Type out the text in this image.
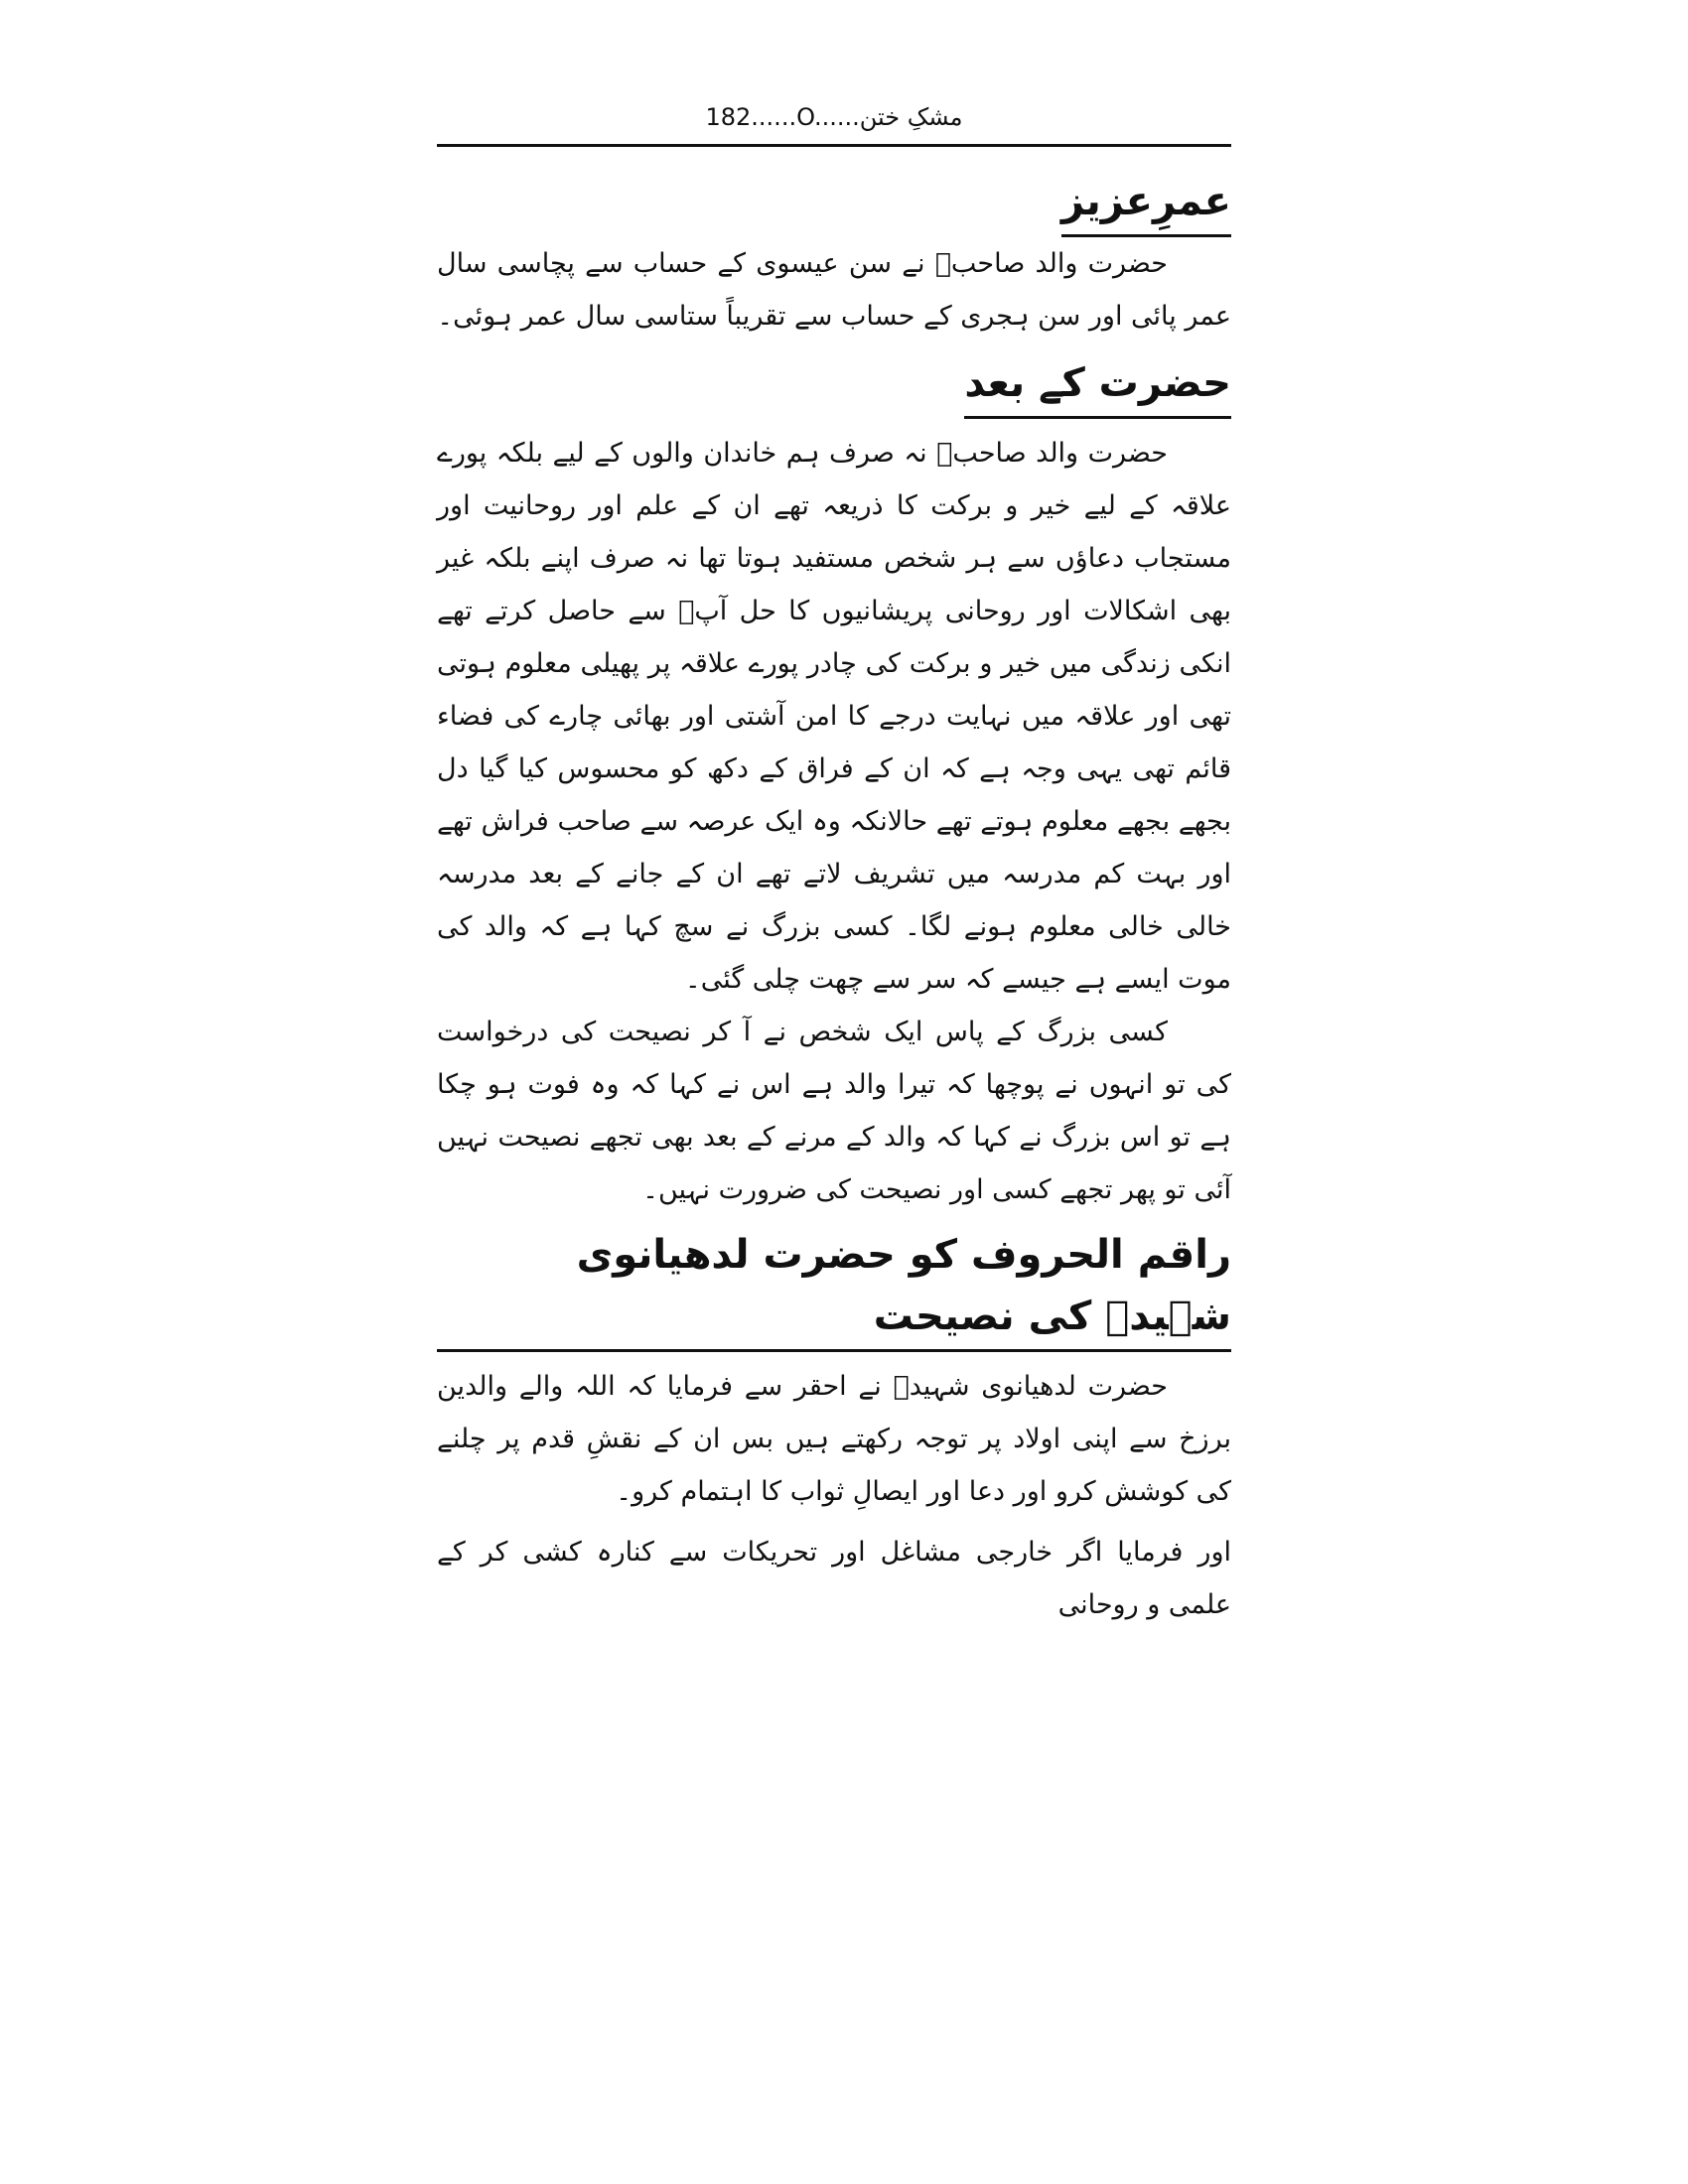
182......O......مشکِ ختن
عمرِعزیز

حضرت والد صاحبؒ نے سن عیسوی کے حساب سے پچاسی سال عمر پائی اور سن ہجری کے حساب سے تقریباً ستاسی سال عمر ہوئی۔

حضرت کے بعد

حضرت والد صاحبؒ نہ صرف ہم خاندان والوں کے لیے بلکہ پورے علاقہ کے لیے خیر و برکت کا ذریعہ تھے ان کے علم اور روحانیت اور مستجاب دعاؤں سے ہر شخص مستفید ہوتا تھا نہ صرف اپنے بلکہ غیر بھی اشکالات اور روحانی پریشانیوں کا حل آپؒ سے حاصل کرتے تھے انکی زندگی میں خیر و برکت کی چادر پورے علاقہ پر پھیلی معلوم ہوتی تھی اور علاقہ میں نہایت درجے کا امن آشتی اور بھائی چارے کی فضاء قائم تھی یہی وجہ ہے کہ ان کے فراق کے دکھ کو محسوس کیا گیا دل بجھے بجھے معلوم ہوتے تھے حالانکہ وہ ایک عرصہ سے صاحب فراش تھے اور بہت کم مدرسہ میں تشریف لاتے تھے ان کے جانے کے بعد مدرسہ خالی خالی معلوم ہونے لگا۔ کسی بزرگ نے سچ کہا ہے کہ والد کی موت ایسے ہے جیسے کہ سر سے چھت چلی گئی۔

کسی بزرگ کے پاس ایک شخص نے آ کر نصیحت کی درخواست کی تو انہوں نے پوچھا کہ تیرا والد ہے اس نے کہا کہ وہ فوت ہو چکا ہے تو اس بزرگ نے کہا کہ والد کے مرنے کے بعد بھی تجھے نصیحت نہیں آئی تو پھر تجھے کسی اور نصیحت کی ضرورت نہیں۔

راقم الحروف کو حضرت لدھیانوی شہیدؒ کی نصیحت

حضرت لدھیانوی شہیدؒ نے احقر سے فرمایا کہ اللہ والے والدین برزخ سے اپنی اولاد پر توجہ رکھتے ہیں بس ان کے نقشِ قدم پر چلنے کی کوشش کرو اور دعا اور ایصالِ ثواب کا اہتمام کرو۔

اور فرمایا اگر خارجی مشاغل اور تحریکات سے کنارہ کشی کر کے علمی و روحانی
